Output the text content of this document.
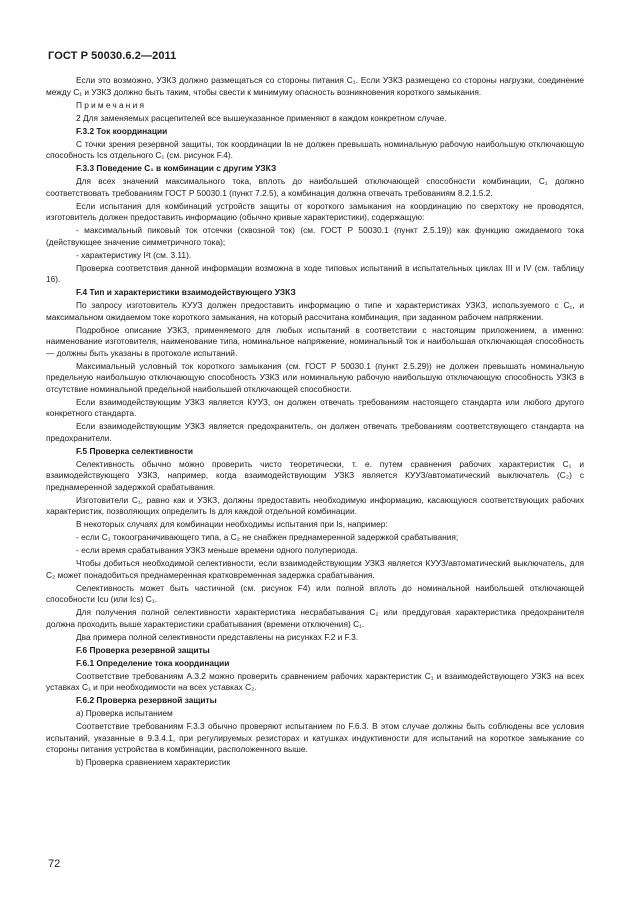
ГОСТ Р 50030.6.2—2011

Если это возможно, УЗКЗ должно размещаться со стороны питания C₁. Если УЗКЗ размещено со стороны нагрузки, соединение между C₁ и УЗКЗ должно быть таким, чтобы свести к минимуму опасность возникновения короткого замыкания.

Примечания

2 Для заменяемых расцепителей все вышеуказанное применяют в каждом конкретном случае.

F.3.2 Ток координации

С точки зрения резервной защиты, ток координации Iв не должен превышать номинальную рабочую наибольшую отключающую способность Ics отдельного C₁ (см. рисунок F.4).

F.3.3 Поведение C₁ в комбинации с другим УЗКЗ

Для всех значений максимального тока, вплоть до наибольшей отключающей способности комбинации, C₁ должно соответствовать требованиям ГОСТ Р 50030.1 (пункт 7.2.5), а комбинация должна отвечать требованиям 8.2.1.5.2.

Если испытания для комбинаций устройств защиты от короткого замыкания на координацию по сверхтоку не проводятся, изготовитель должен предоставить информацию (обычно кривые характеристики), содержащую:

- максимальный пиковый ток отсечки (сквозной ток) (см. ГОСТ Р 50030.1 (пункт 2.5.19)) как функцию ожидаемого тока (действующее значение симметричного тока);

- характеристику I²t (см. 3.11).

Проверка соответствия данной информации возможна в ходе типовых испытаний в испытательных циклах III и IV (см. таблицу 16).

F.4 Тип и характеристики взаимодействующего УЗКЗ

По запросу изготовитель КУУЗ должен предоставить информацию о типе и характеристиках УЗКЗ, используемого с C₁, и максимальном ожидаемом токе короткого замыкания, на который рассчитана комбинация, при заданном рабочем напряжении.

Подробное описание УЗКЗ, применяемого для любых испытаний в соответствии с настоящим приложением, а именно: наименование изготовителя, наименование типа, номинальное напряжение, номинальный ток и наибольшая отключающая способность — должны быть указаны в протоколе испытаний.

Максимальный условный ток короткого замыкания (см. ГОСТ Р 50030.1 (пункт 2.5.29)) не должен превышать номинальную предельную наибольшую отключающую способность УЗКЗ или номинальную рабочую наибольшую отключающую способность УЗКЗ в отсутствие номинальной предельной наибольшей отключающей способности.

Если взаимодействующим УЗКЗ является КУУЗ, он должен отвечать требованиям настоящего стандарта или любого другого конкретного стандарта.

Если взаимодействующим УЗКЗ является предохранитель, он должен отвечать требованиям соответствующего стандарта на предохранители.

F.5 Проверка селективности

Селективность обычно можно проверить чисто теоретически, т. е. путем сравнения рабочих характеристик C₁ и взаимодействующего УЗКЗ, например, когда взаимодействующим УЗКЗ является КУУЗ/автоматический выключатель (C₂) с преднамеренной задержкой срабатывания.

Изготовители C₁, равно как и УЗКЗ, должны предоставить необходимую информацию, касающуюся соответствующих рабочих характеристик, позволяющих определить Is для каждой отдельной комбинации.

В некоторых случаях для комбинации необходимы испытания при Is, например:

- если C₁ токоограничивающего типа, а C₂ не снабжен преднамеренной задержкой срабатывания;

- если время срабатывания УЗКЗ меньше времени одного полупериода.

Чтобы добиться необходимой селективности, если взаимодействующим УЗКЗ является КУУЗ/автоматический выключатель, для C₂ может понадобиться преднамеренная кратковременная задержка срабатывания.

Селективность может быть частичной (см. рисунок F4) или полной вплоть до номинальной наибольшей отключающей способности Icu (или Ics) C₁.

Для получения полной селективности характеристика несрабатывания C₂ или преддуговая характеристика предохранителя должна проходить выше характеристики срабатывания (времени отключения) C₁.

Два примера полной селективности представлены на рисунках F.2 и F.3.

F.6 Проверка резервной защиты

F.6.1 Определение тока координации

Соответствие требованиям А.3.2 можно проверить сравнением рабочих характеристик C₁ и взаимодействующего УЗКЗ на всех уставках C₁ и при необходимости на всех уставках C₂.

F.6.2 Проверка резервной защиты

а) Проверка испытанием

Соответствие требованиям F.3.3 обычно проверяют испытанием по F.6.3. В этом случае должны быть соблюдены все условия испытаний, указанные в 9.3.4.1, при регулируемых резисторах и катушках индуктивности для испытаний на короткое замыкание со стороны питания устройства в комбинации, расположенного выше.

b) Проверка сравнением характеристик

72
